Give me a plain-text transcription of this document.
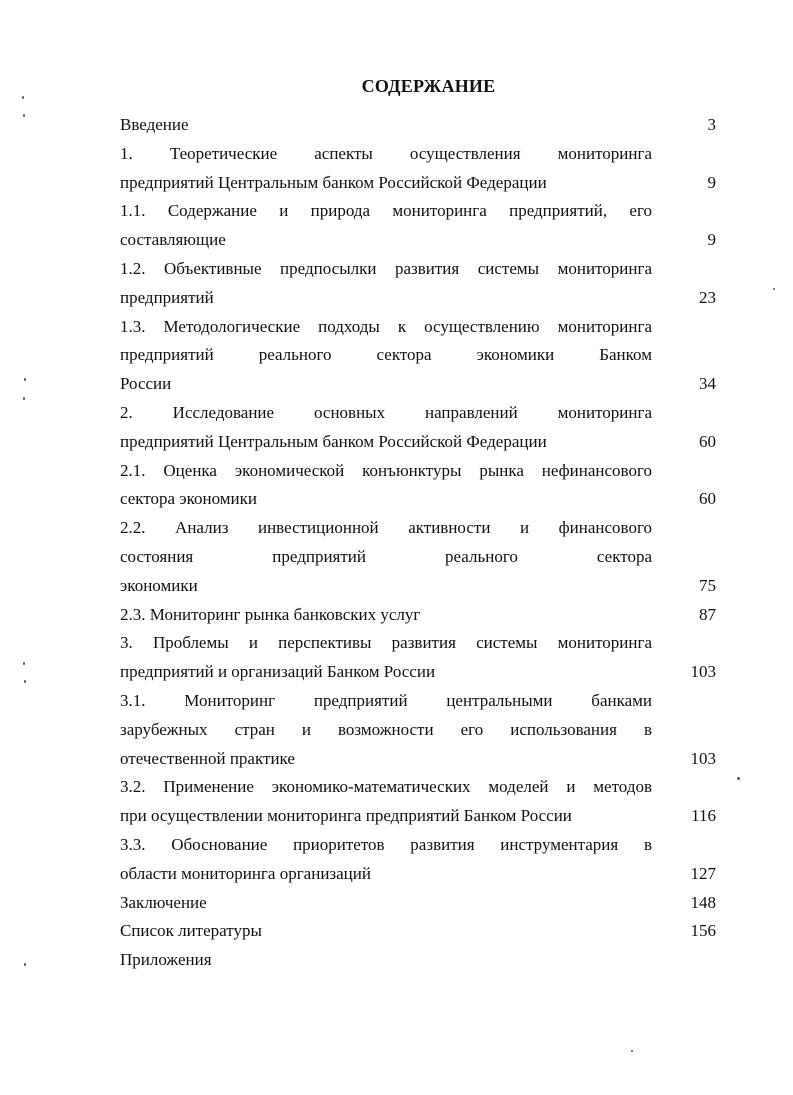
СОДЕРЖАНИЕ
Введение	3
1. Теоретические аспекты осуществления мониторинга
предприятий Центральным банком Российской Федерации	9
1.1. Содержание и природа мониторинга предприятий, его
составляющие	9
1.2. Объективные предпосылки развития системы мониторинга
предприятий	23
1.3. Методологические подходы к осуществлению мониторинга
предприятий реального сектора экономики Банком
России	34
2. Исследование основных направлений мониторинга
предприятий Центральным банком Российской Федерации	60
2.1. Оценка экономической конъюнктуры рынка нефинансового
сектора экономики	60
2.2. Анализ инвестиционной активности и финансового
состояния предприятий реального сектора
экономики	75
2.3. Мониторинг рынка банковских услуг	87
3. Проблемы и перспективы развития системы мониторинга
предприятий и организаций Банком России	103
3.1. Мониторинг предприятий центральными банками
зарубежных стран и возможности его использования в
отечественной практике	103
3.2. Применение экономико-математических моделей и методов
при осуществлении мониторинга предприятий Банком России	116
3.3. Обоснование приоритетов развития инструментария в
области мониторинга организаций	127
Заключение	148
Список литературы	156
Приложения
